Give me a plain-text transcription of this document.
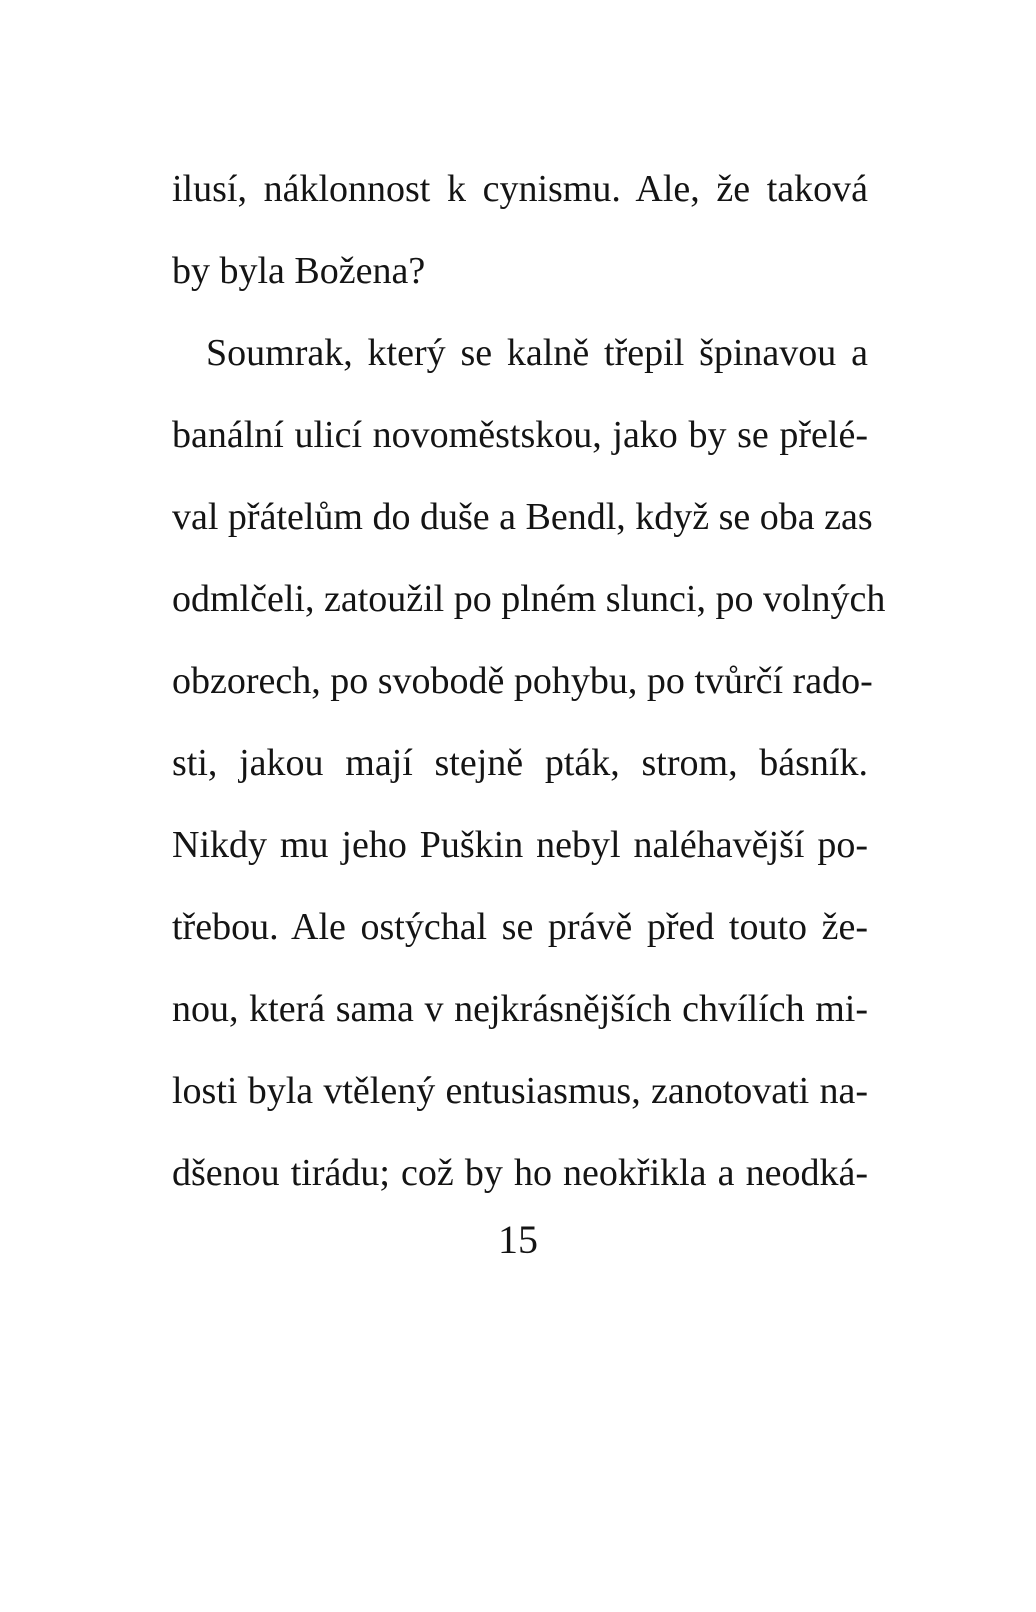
ilusí, náklonnost k cynismu. Ale, že taková
by byla Božena?
Soumrak, který se kalně třepil špinavou a
banální ulicí novoměstskou, jako by se přelé-
val přátelům do duše a Bendl, když se oba zas
odmlčeli, zatoužil po plném slunci, po volných
obzorech, po svobodě pohybu, po tvůrčí rado-
sti, jakou mají stejně pták, strom, básník.
Nikdy mu jeho Puškin nebyl naléhavější po-
třebou. Ale ostýchal se právě před touto že-
nou, která sama v nejkrásnějších chvílích mi-
losti byla vtělený entusiasmus, zanotovati na-
dšenou tirádu; což by ho neokřikla a neodká-
15
